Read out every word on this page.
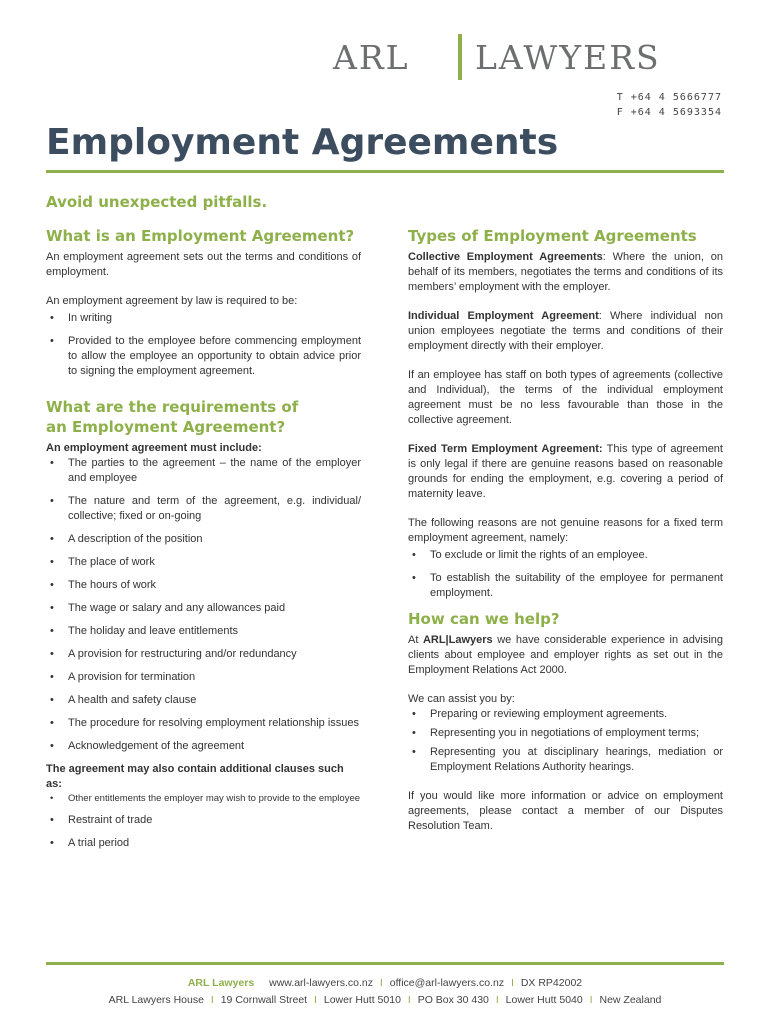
ARL LAWYERS
T +64 4 5666777
F +64 4 5693354
Employment Agreements
Avoid unexpected pitfalls.
What is an Employment Agreement?

An employment agreement sets out the terms and conditions of employment.

An employment agreement by law is required to be:
• In writing
• Provided to the employee before commencing employment to allow the employee an opportunity to obtain advice prior to signing the employment agreement.
What are the requirements of an Employment Agreement?
An employment agreement must include:
• The parties to the agreement – the name of the employer and employee
• The nature and term of the agreement, e.g. individual/ collective; fixed or on-going
• A description of the position
• The place of work
• The hours of work
• The wage or salary and any allowances paid
• The holiday and leave entitlements
• A provision for restructuring and/or redundancy
• A provision for termination
• A health and safety clause
• The procedure for resolving employment relationship issues
• Acknowledgement of the agreement
The agreement may also contain additional clauses such as:
• Other entitlements the employer may wish to provide to the employee
• Restraint of trade
• A trial period
Types of Employment Agreements

Collective Employment Agreements: Where the union, on behalf of its members, negotiates the terms and conditions of its members’ employment with the employer.

Individual Employment Agreement: Where individual non union employees negotiate the terms and conditions of their employment directly with their employer.

If an employee has staff on both types of agreements (collective and Individual), the terms of the individual employment agreement must be no less favourable than those in the collective agreement.

Fixed Term Employment Agreement: This type of agreement is only legal if there are genuine reasons based on reasonable grounds for ending the employment, e.g. covering a period of maternity leave.

The following reasons are not genuine reasons for a fixed term employment agreement, namely:
• To exclude or limit the rights of an employee.
• To establish the suitability of the employee for permanent employment.
How can we help?

At ARL|Lawyers we have considerable experience in advising clients about employee and employer rights as set out in the Employment Relations Act 2000.

We can assist you by:
• Preparing or reviewing employment agreements.
• Representing you in negotiations of employment terms;
• Representing you at disciplinary hearings, mediation or Employment Relations Authority hearings.

If you would like more information or advice on employment agreements, please contact a member of our Disputes Resolution Team.

ARL Lawyers www.arl-lawyers.co.nz I office@arl-lawyers.co.nz I DX RP42002
ARL Lawyers House I 19 Cornwall Street I Lower Hutt 5010 I PO Box 30 430 I Lower Hutt 5040 I New Zealand
